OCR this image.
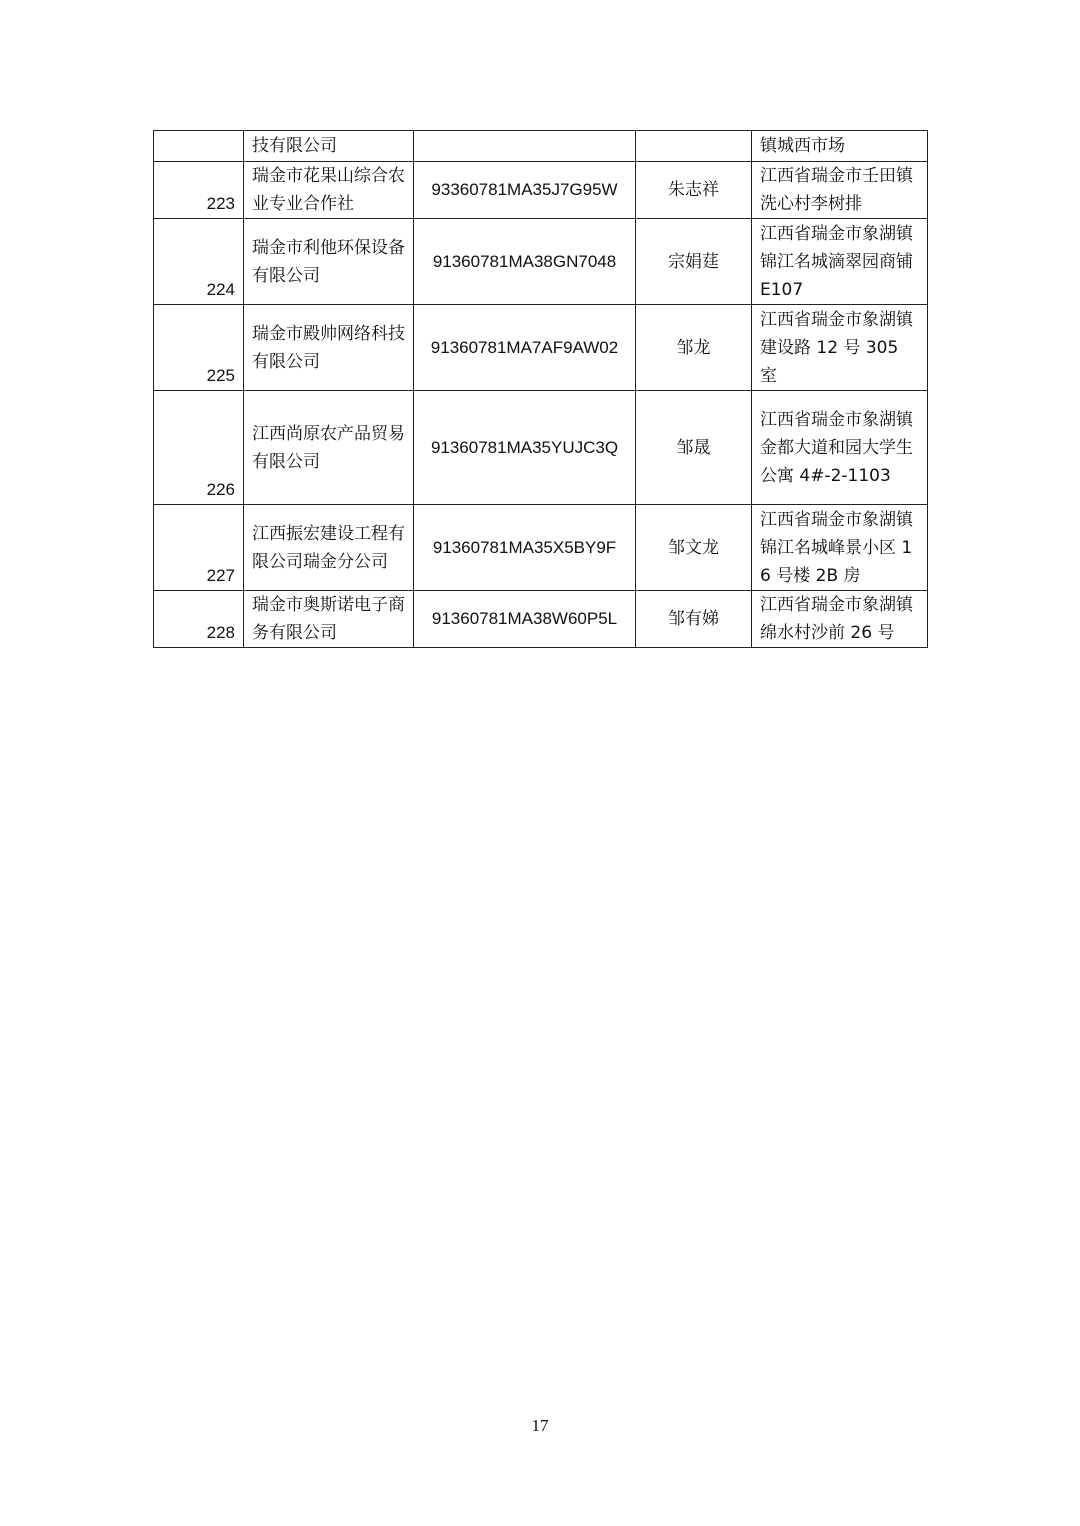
	技有限公司			镇城西市场
223	瑞金市花果山综合农业专业合作社	93360781MA35J7G95W	朱志祥	江西省瑞金市壬田镇洗心村李树排
224	瑞金市利他环保设备有限公司	91360781MA38GN7048	宗娟莛	江西省瑞金市象湖镇锦江名城滴翠园商铺 E107
225	瑞金市殿帅网络科技有限公司	91360781MA7AF9AW02	邹龙	江西省瑞金市象湖镇建设路 12 号 305 室
226	江西尚原农产品贸易有限公司	91360781MA35YUJC3Q	邹晟	江西省瑞金市象湖镇金都大道和园大学生公寓 4#-2-1103
227	江西振宏建设工程有限公司瑞金分公司	91360781MA35X5BY9F	邹文龙	江西省瑞金市象湖镇锦江名城峰景小区 16 号楼 2B 房
228	瑞金市奥斯诺电子商务有限公司	91360781MA38W60P5L	邹有娣	江西省瑞金市象湖镇绵水村沙前 26 号
17
